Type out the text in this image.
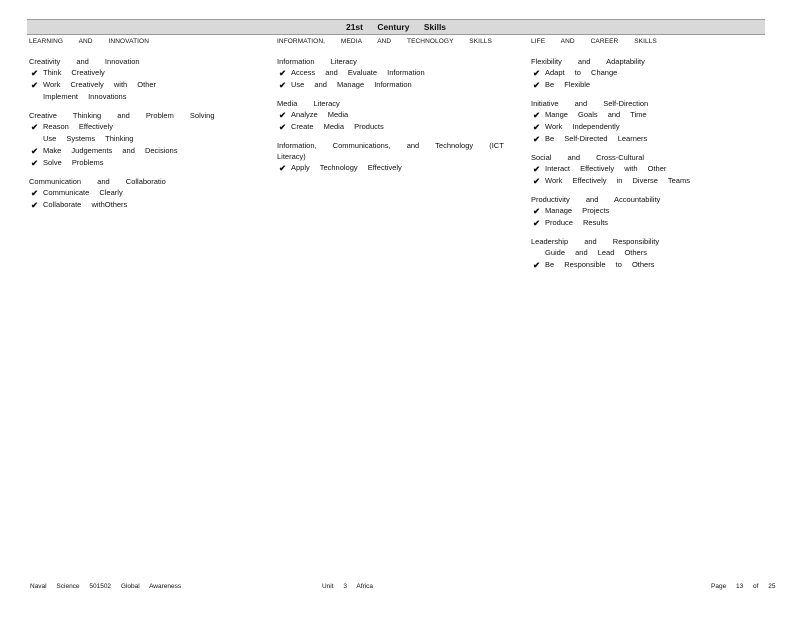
21st Century Skills
LEARNING AND INNOVATION
Creativity and Innovation
✔ Think Creatively
✔ Work Creatively with Other
Implement Innovations
Creative Thinking and Problem Solving
✔ Reason Effectively
Use Systems Thinking
✔ Make Judgements and Decisions
✔ Solve Problems
Communication and Collaboratio
✔ Communicate Clearly
✔ Collaborate withOthers
INFORMATION, MEDIA AND TECHNOLOGY SKILLS
Information Literacy
✔ Access and Evaluate Information
✔ Use and Manage Information
Media Literacy
✔ Analyze Media
✔ Create Media Products
Information, Communications, and Technology (ICT Literacy)
✔ Apply Technology Effectively
LIFE AND CAREER SKILLS
Flexibility and Adaptability
✔ Adapt to Change
✔ Be Flexible
Initiative and Self-Direction
✔ Mange Goals and Time
✔ Work Independently
✔ Be Self-Directed Learners
Social and Cross-Cultural
✔ Interact Effectively with Other
✔ Work Effectively in Diverse Teams
Productivity and Accountability
✔ Manage Projects
✔ Produce Results
Leadership and Responsibility
Guide and Lead Others
✔ Be Responsible to Others
Naval Science 501502 Global Awareness	Unit 3 Africa	Page 13 of 25
